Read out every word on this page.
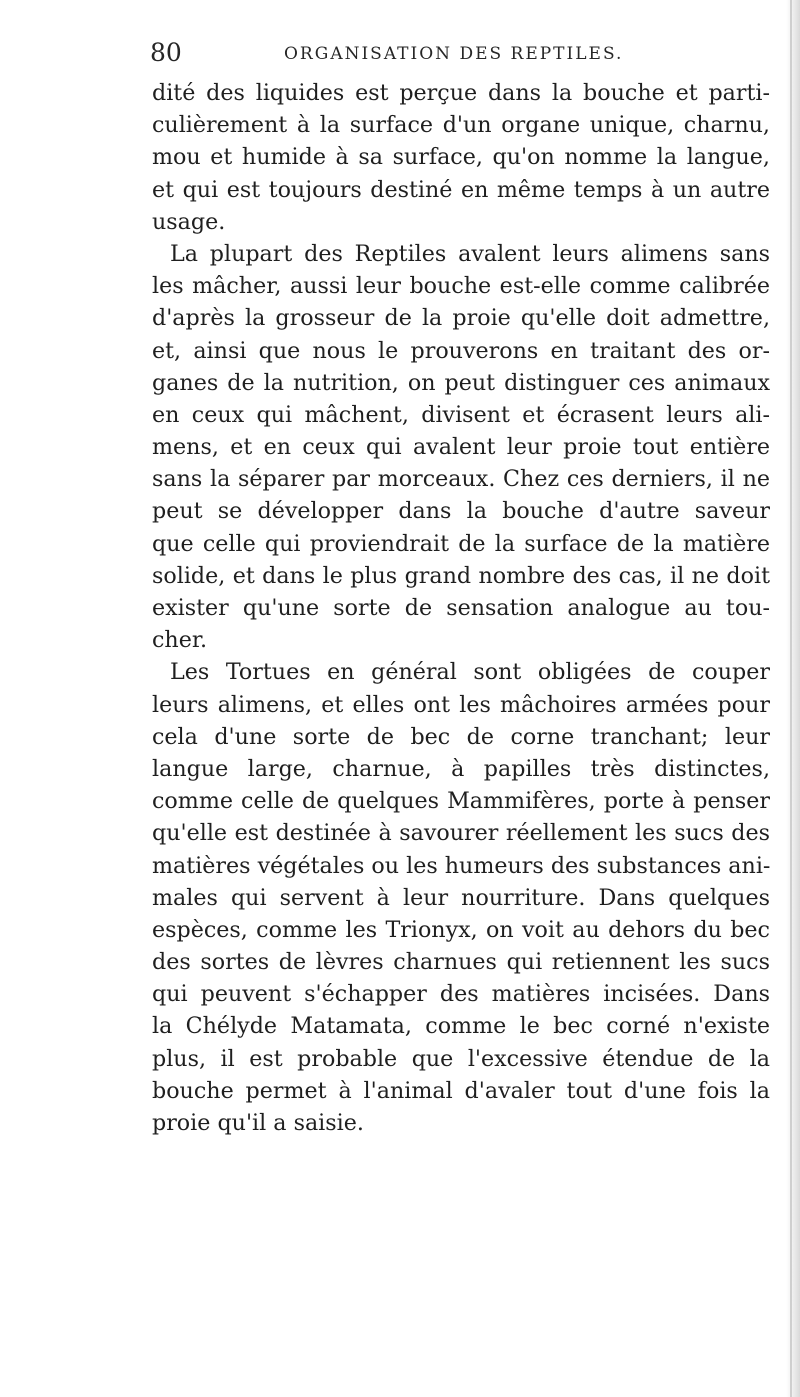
80	ORGANISATION DES REPTILES.
dité des liquides est perçue dans la bouche et parti-
culièrement à la surface d'un organe unique, charnu,
mou et humide à sa surface, qu'on nomme la langue,
et qui est toujours destiné en même temps à un autre
usage.
La plupart des Reptiles avalent leurs alimens sans
les mâcher, aussi leur bouche est-elle comme calibrée
d'après la grosseur de la proie qu'elle doit admettre,
et, ainsi que nous le prouverons en traitant des or-
ganes de la nutrition, on peut distinguer ces animaux
en ceux qui mâchent, divisent et écrasent leurs ali-
mens, et en ceux qui avalent leur proie tout entière
sans la séparer par morceaux. Chez ces derniers, il ne
peut se développer dans la bouche d'autre saveur
que celle qui proviendrait de la surface de la matière
solide, et dans le plus grand nombre des cas, il ne doit
exister qu'une sorte de sensation analogue au tou-
cher.
Les Tortues en général sont obligées de couper
leurs alimens, et elles ont les mâchoires armées pour
cela d'une sorte de bec de corne tranchant; leur
langue large, charnue, à papilles très distinctes,
comme celle de quelques Mammifères, porte à penser
qu'elle est destinée à savourer réellement les sucs des
matières végétales ou les humeurs des substances ani-
males qui servent à leur nourriture. Dans quelques
espèces, comme les Trionyx, on voit au dehors du bec
des sortes de lèvres charnues qui retiennent les sucs
qui peuvent s'échapper des matières incisées. Dans
la Chélyde Matamata, comme le bec corné n'existe
plus, il est probable que l'excessive étendue de la
bouche permet à l'animal d'avaler tout d'une fois la
proie qu'il a saisie.
